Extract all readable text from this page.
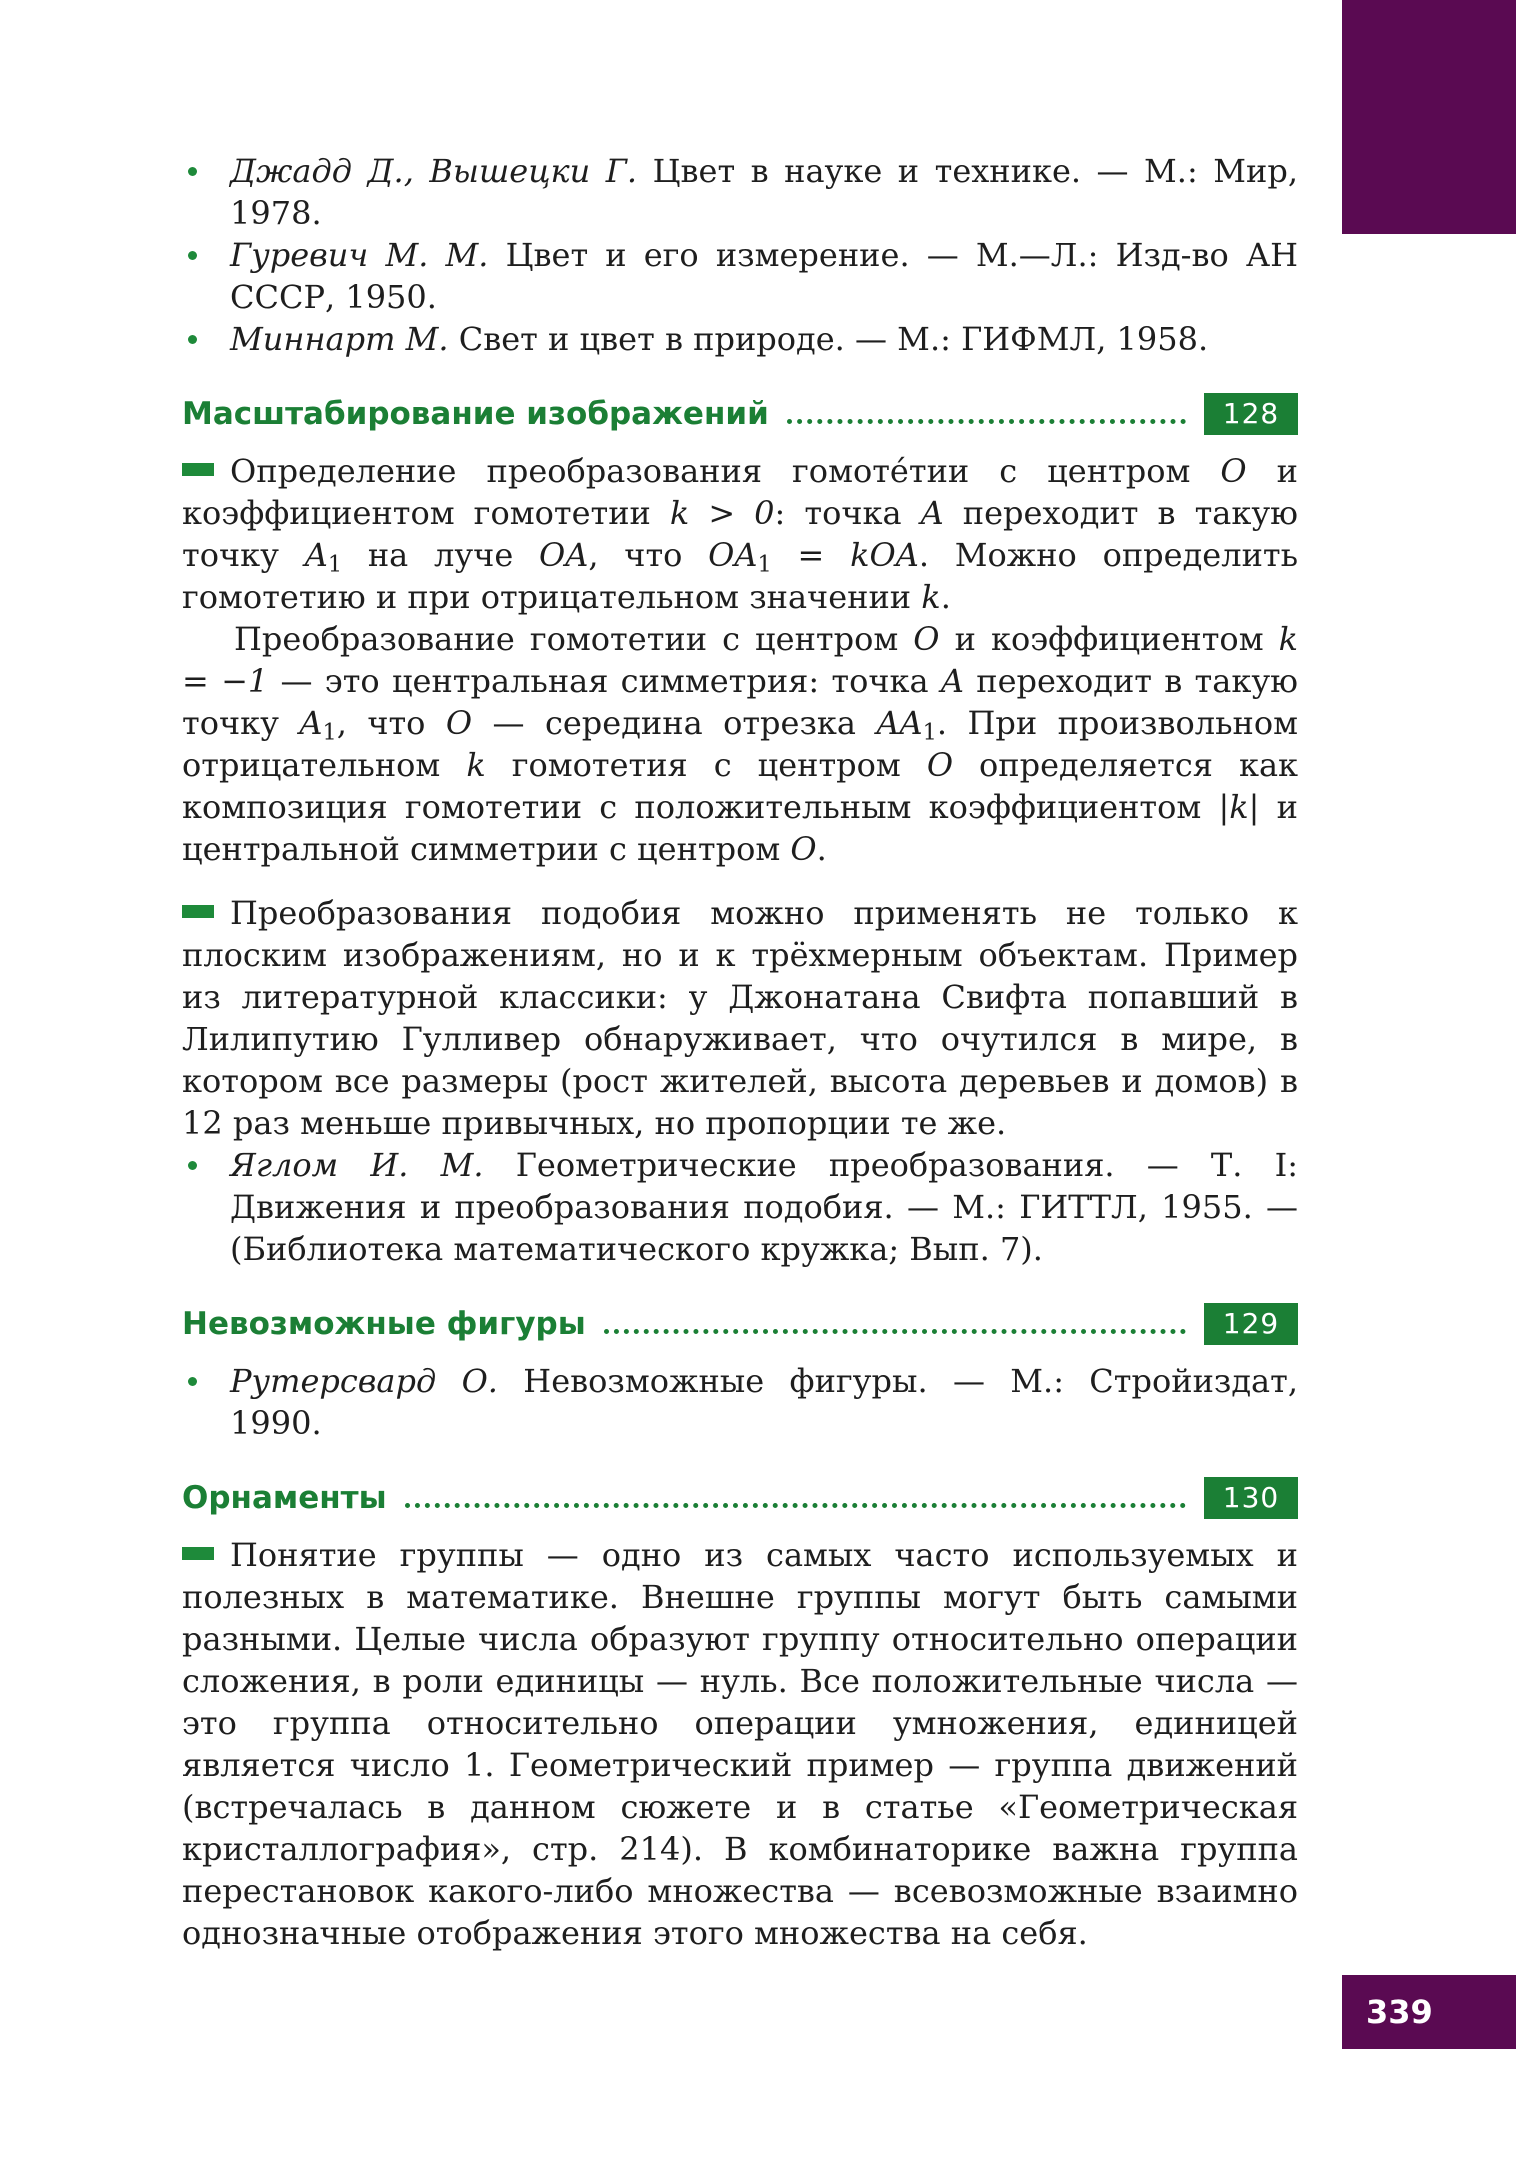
Джадд Д., Вышецки Г. Цвет в науке и технике. — М.: Мир, 1978.
Гуревич М. М. Цвет и его измерение. — М.—Л.: Изд-во АН СССР, 1950.
Миннарт М. Свет и цвет в природе. — М.: ГИФМЛ, 1958.
Масштабирование изображений	128

Определение преобразования гомоте́тии с центром O и коэффициентом гомотетии k > 0: точка A переходит в такую точку $A_1$ на луче OA, что $OA_1$ = kOA. Можно определить гомотетию и при отрицательном значении k.

Преобразование гомотетии с центром O и коэффициентом k = −1 — это центральная симметрия: точка A переходит в такую точку $A_1$, что O — середина отрезка $AA_1$. При произвольном отрицательном k гомотетия с центром O определяется как композиция гомотетии с положительным коэффициентом |k| и центральной симметрии с центром O.

Преобразования подобия можно применять не только к плоским изображениям, но и к трёхмерным объектам. Пример из литературной классики: у Джонатана Свифта попавший в Лилипутию Гулливер обнаруживает, что очутился в мире, в котором все размеры (рост жителей, высота деревьев и домов) в 12 раз меньше привычных, но пропорции те же.

Яглом И. М. Геометрические преобразования. — Т. I: Движения и преобразования подобия. — М.: ГИТТЛ, 1955. — (Библиотека математического кружка; Вып. 7).
Невозможные фигуры	129
Рутерсвард О. Невозможные фигуры. — М.: Стройиздат, 1990.
Орнаменты	130

Понятие группы — одно из самых часто используемых и полезных в математике. Внешне группы могут быть самыми разными. Целые числа образуют группу относительно операции сложения, в роли единицы — нуль. Все положительные числа — это группа относительно операции умножения, единицей является число 1. Геометрический пример — группа движений (встречалась в данном сюжете и в статье «Геометрическая кристаллография», стр. 214). В комбинаторике важна группа перестановок какого-либо множества — всевозможные взаимно однозначные отображения этого множества на себя.

339
